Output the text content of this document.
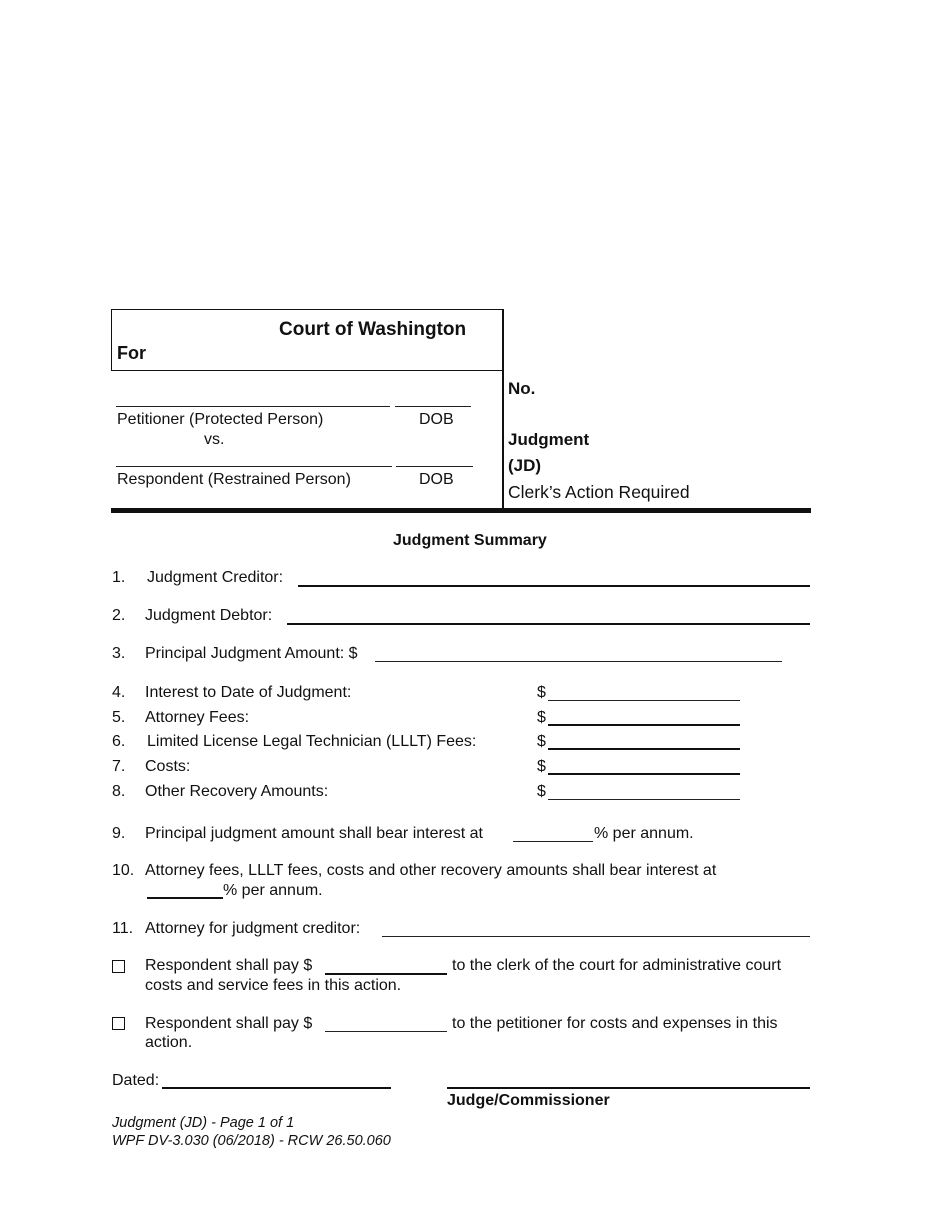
Court of Washington
For
Petitioner (Protected Person)	DOB
vs.
Respondent (Restrained Person)	DOB
No.
Judgment
(JD)
Clerk’s Action Required
Judgment Summary
1. Judgment Creditor:
2. Judgment Debtor:
3. Principal Judgment Amount: $
4. Interest to Date of Judgment:	$
5. Attorney Fees:	$
6. Limited License Legal Technician (LLLT) Fees:	$
7. Costs:	$
8. Other Recovery Amounts:	$
9. Principal judgment amount shall bear interest at	% per annum.
10. Attorney fees, LLLT fees, costs and other recovery amounts shall bear interest at
% per annum.
11. Attorney for judgment creditor:
Respondent shall pay $	to the clerk of the court for administrative court
costs and service fees in this action.
Respondent shall pay $	to the petitioner for costs and expenses in this
action.
Dated:
Judge/Commissioner
Judgment (JD) - Page 1 of 1
WPF DV-3.030 (06/2018) - RCW 26.50.060
